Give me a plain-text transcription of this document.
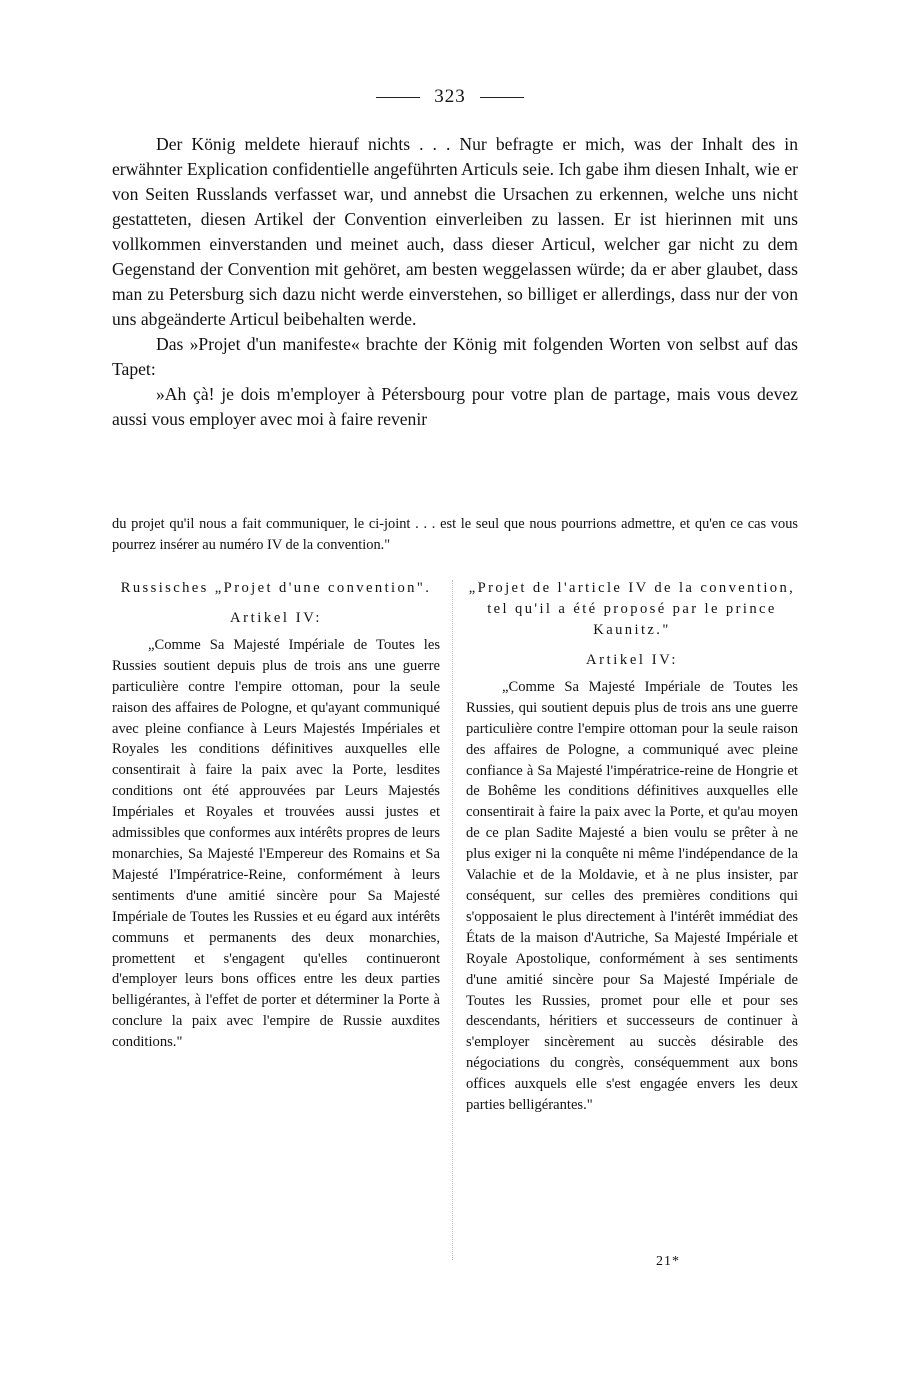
323

Der König meldete hierauf nichts . . . Nur befragte er mich, was der Inhalt des in erwähnter Explication confidentielle angeführten Articuls seie. Ich gabe ihm diesen Inhalt, wie er von Seiten Russlands verfasset war, und annebst die Ursachen zu erkennen, welche uns nicht gestatteten, diesen Artikel der Convention einverleiben zu lassen. Er ist hierinnen mit uns vollkommen einverstanden und meinet auch, dass dieser Articul, welcher gar nicht zu dem Gegenstand der Convention mit gehöret, am besten weggelassen würde; da er aber glaubet, dass man zu Petersburg sich dazu nicht werde einverstehen, so billiget er allerdings, dass nur der von uns abgeänderte Articul beibehalten werde.

Das »Projet d'un manifeste« brachte der König mit folgenden Worten von selbst auf das Tapet:

»Ah çà! je dois m'employer à Pétersbourg pour votre plan de partage, mais vous devez aussi vous employer avec moi à faire revenir

du projet qu'il nous a fait communiquer, le ci-joint . . . est le seul que nous pourrions admettre, et qu'en ce cas vous pourrez insérer au numéro IV de la convention."
Russisches „Projet d'une convention".
Artikel IV:

„Comme Sa Majesté Impériale de Toutes les Russies soutient depuis plus de trois ans une guerre particulière contre l'empire ottoman, pour la seule raison des affaires de Pologne, et qu'ayant communiqué avec pleine confiance à Leurs Majestés Impériales et Royales les conditions définitives auxquelles elle consentirait à faire la paix avec la Porte, lesdites conditions ont été approuvées par Leurs Majestés Impériales et Royales et trouvées aussi justes et admissibles que conformes aux intérêts propres de leurs monarchies, Sa Majesté l'Empereur des Romains et Sa Majesté l'Impératrice-Reine, conformément à leurs sentiments d'une amitié sincère pour Sa Majesté Impériale de Toutes les Russies et eu égard aux intérêts communs et permanents des deux monarchies, promettent et s'engagent qu'elles continueront d'employer leurs bons offices entre les deux parties belligérantes, à l'effet de porter et déterminer la Porte à conclure la paix avec l'empire de Russie auxdites conditions."

„Projet de l'article IV de la convention, tel qu'il a été proposé par le prince Kaunitz."
Artikel IV:

„Comme Sa Majesté Impériale de Toutes les Russies, qui soutient depuis plus de trois ans une guerre particulière contre l'empire ottoman pour la seule raison des affaires de Pologne, a communiqué avec pleine confiance à Sa Majesté l'impératrice-reine de Hongrie et de Bohême les conditions définitives auxquelles elle consentirait à faire la paix avec la Porte, et qu'au moyen de ce plan Sadite Majesté a bien voulu se prêter à ne plus exiger ni la conquête ni même l'indépendance de la Valachie et de la Moldavie, et à ne plus insister, par conséquent, sur celles des premières conditions qui s'opposaient le plus directement à l'intérêt immédiat des États de la maison d'Autriche, Sa Majesté Impériale et Royale Apostolique, conformément à ses sentiments d'une amitié sincère pour Sa Majesté Impériale de Toutes les Russies, promet pour elle et pour ses descendants, héritiers et successeurs de continuer à s'employer sincèrement au succès désirable des négociations du congrès, conséquemment aux bons offices auxquels elle s'est engagée envers les deux parties belligérantes."

21*
